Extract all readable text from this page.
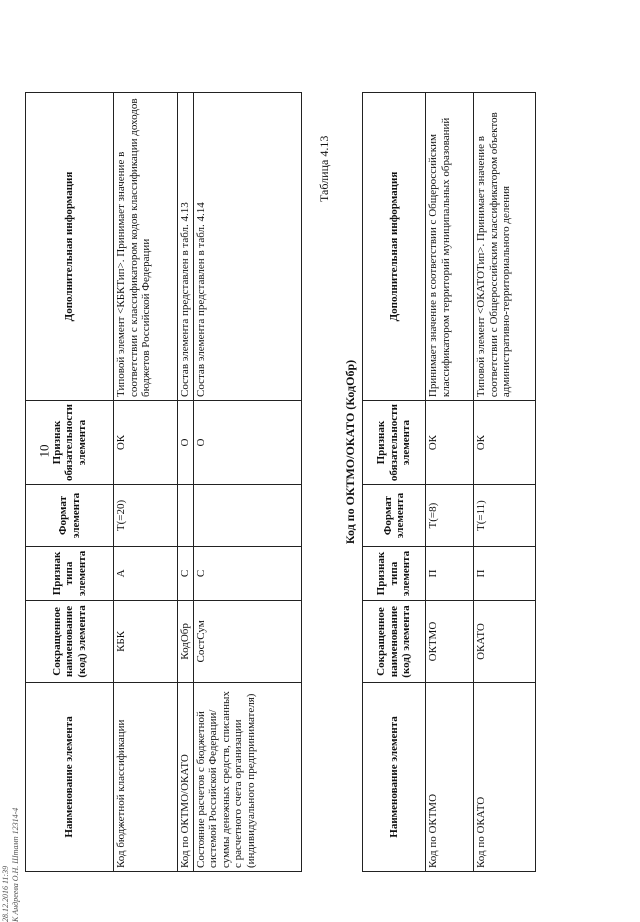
10
Наименование элемента	Сокращенное наименование (код) элемента	Признак типа элемента	Формат элемента	Признак обязательности элемента	Дополнительная информация
Код бюджетной классификации	КБК	А	Т(=20)	ОК	Типовой элемент <КБКТип>. Принимает значение в соответствии с классификатором кодов классификации доходов бюджетов Российской Федерации
Код по ОКТМО/ОКАТО	КодОбр	С		О	Состав элемента представлен в табл. 4.13
Состояние расчетов с бюджетной системой Российской Федерации/суммы денежных средств, списанных с расчетного счета организации (индивидуального предпринимателя)	СостСум	С		О	Состав элемента представлен в табл. 4.14
Таблица 4.13
Код по ОКТМО/ОКАТО (КодОбр)
Наименование элемента	Сокращенное наименование (код) элемента	Признак типа элемента	Формат элемента	Признак обязательности элемента	Дополнительная информация
Код по ОКТМО	ОКТМО	П	Т(=8)	ОК	Принимает значение в соответствии с Общероссийским классификатором территорий муниципальных образований
Код по ОКАТО	ОКАТО	П	Т(=11)	ОК	Типовой элемент <ОКАТОТип>. Принимает значение в соответствии с Общероссийским классификатором объектов административно-территориального деления
28.12.2016 11:39 К Андреева О.Н. Штамп 12314-4
